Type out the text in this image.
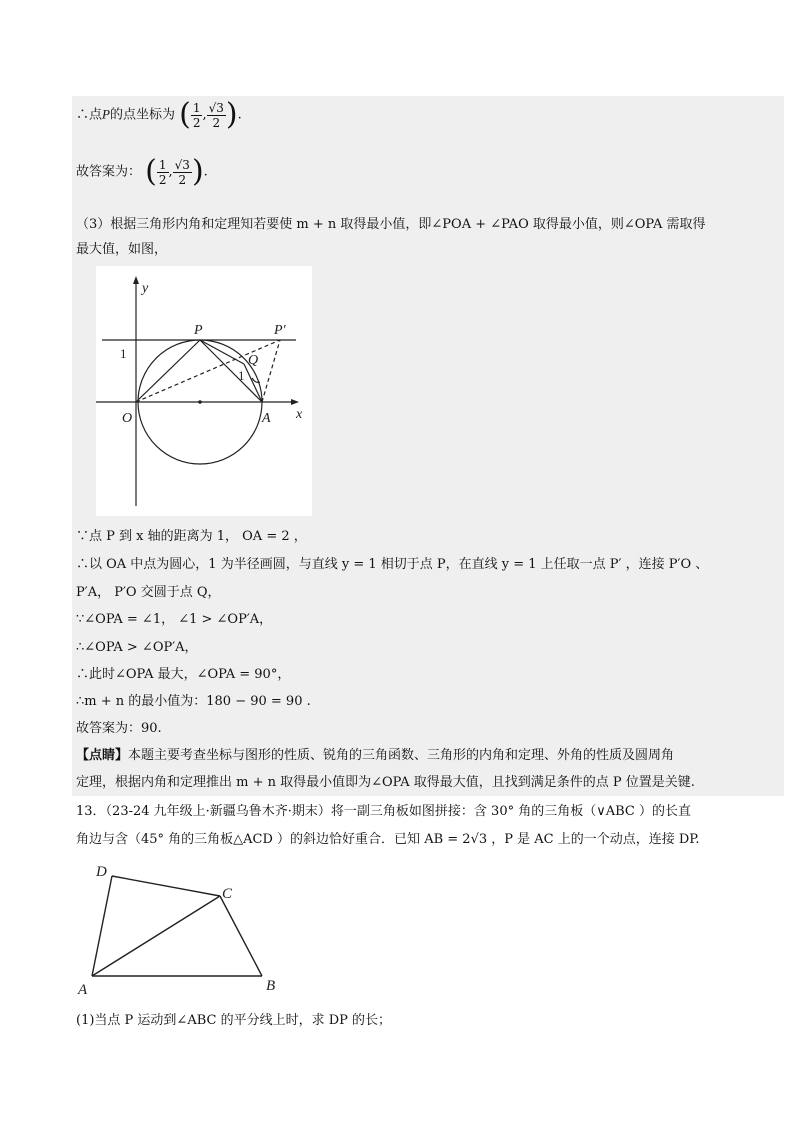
∴点P的点坐标为 ( $\frac{1}{2}$ , $\frac{√3}{2}$ ).
故答案为： ( $\frac{1}{2}$ , $\frac{√3}{2}$ ).
（3）根据三角形内角和定理知若要使 m + n 取得最小值，即∠POA + ∠PAO 取得最小值，则∠OPA 需取得
最大值，如图，
y
x
O	A
P	P′
Q
1
1
∵点 P 到 x 轴的距离为 1， OA = 2 ，
∴以 OA 中点为圆心，1 为半径画圆，与直线 y = 1 相切于点 P，在直线 y = 1 上任取一点 P′ ，连接 P′O 、
P′A， P′O 交圆于点 Q，
∵∠OPA = ∠1， ∠1 > ∠OP′A，
∴∠OPA > ∠OP′A，
∴此时∠OPA 最大，∠OPA = 90°，
∴m + n 的最小值为：180 − 90 = 90 .
故答案为：90.
【点睛】本题主要考查坐标与图形的性质、锐角的三角函数、三角形的内角和定理、外角的性质及圆周角
定理，根据内角和定理推出 m + n 取得最小值即为∠OPA 取得最大值，且找到满足条件的点 P 位置是关键.
13．（23-24 九年级上·新疆乌鲁木齐·期末）将一副三角板如图拼接：含 30° 角的三角板（∨ABC ）的长直
角边与含（45° 角的三角板△ACD ）的斜边恰好重合．已知 AB = 2√3 ，P 是 AC 上的一个动点，连接 DP.
D
C
A	B
(1)当点 P 运动到∠ABC 的平分线上时，求 DP 的长；
